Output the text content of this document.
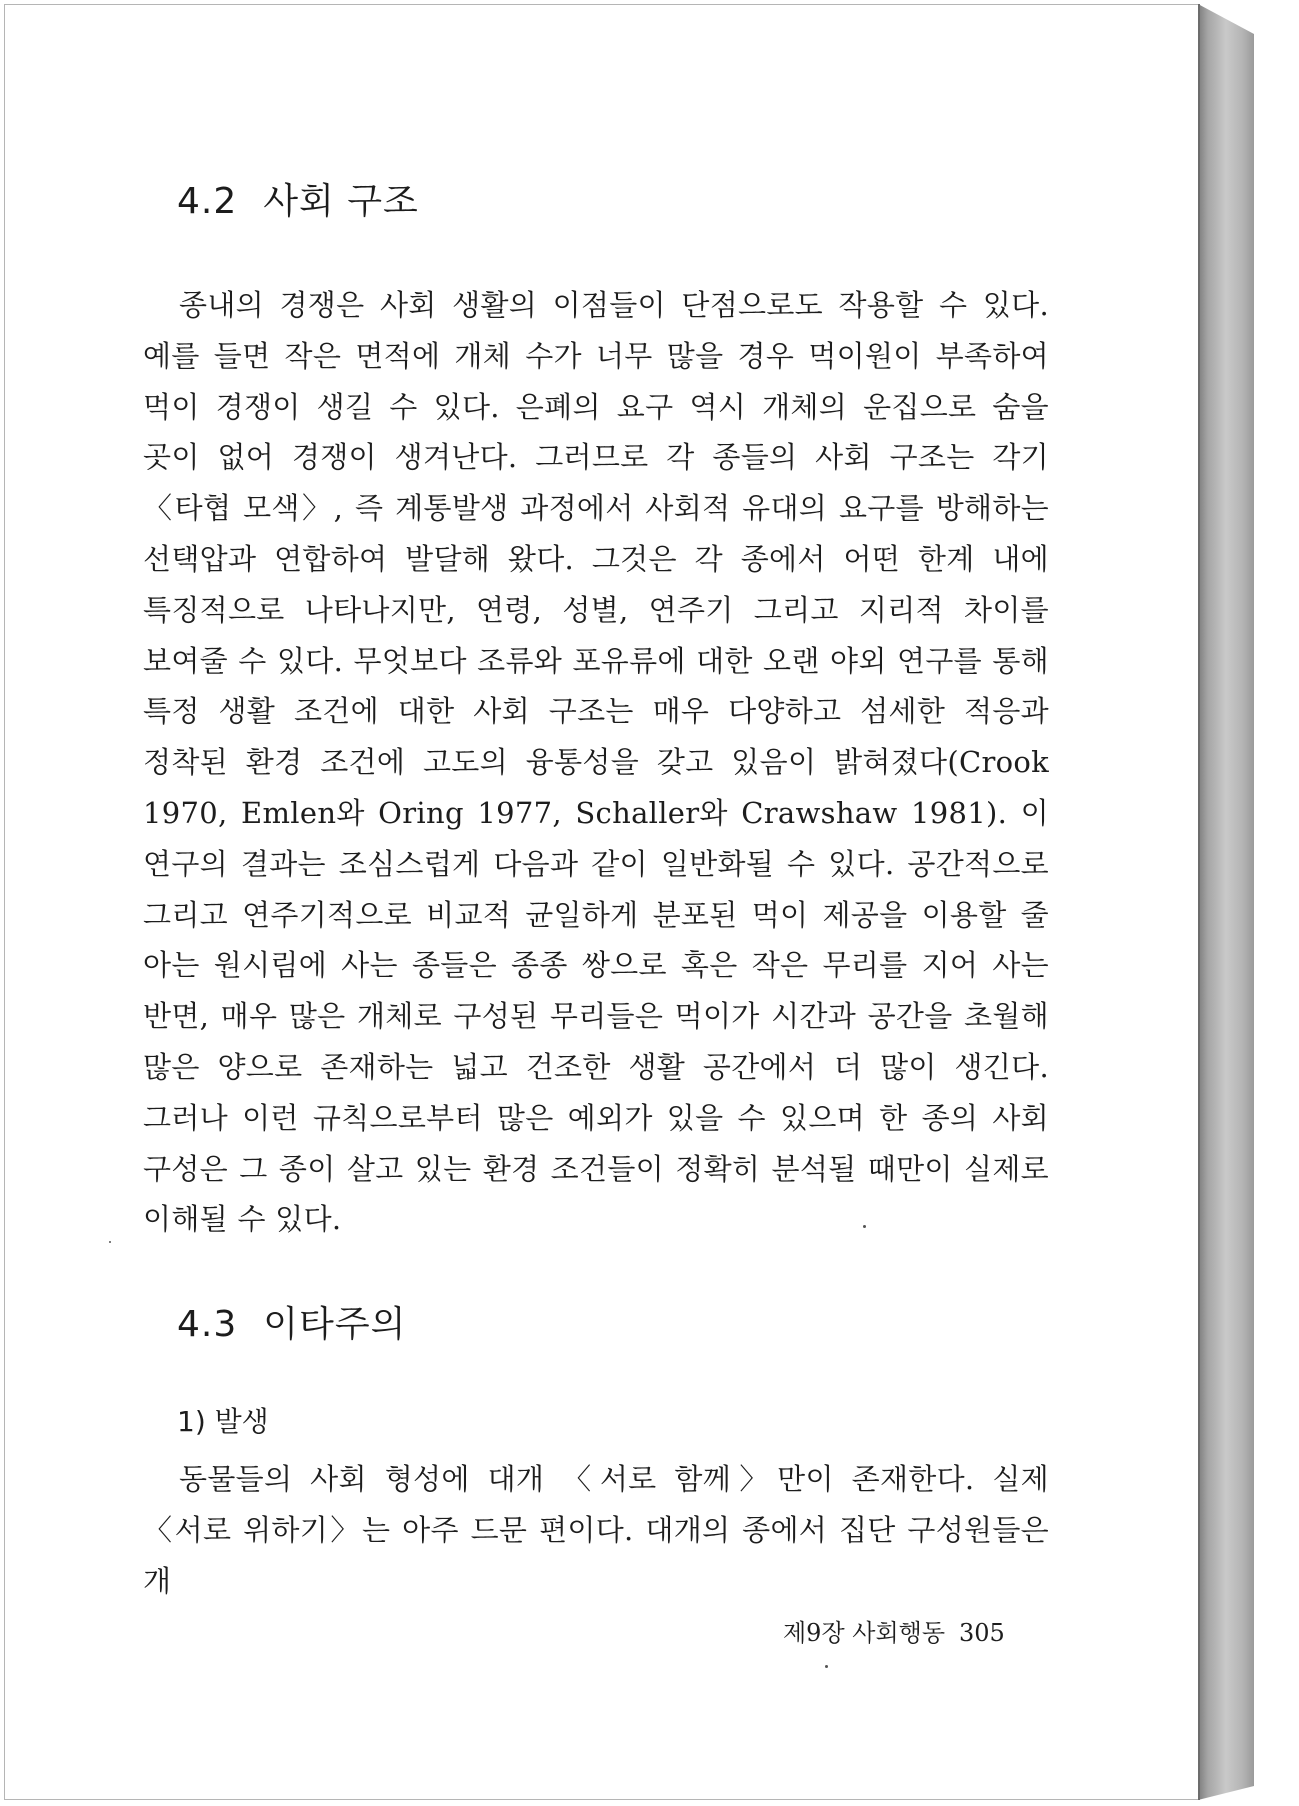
4.2 사회 구조
종내의 경쟁은 사회 생활의 이점들이 단점으로도 작용할 수 있다. 예를 들면 작은 면적에 개체 수가 너무 많을 경우 먹이원이 부족하여 먹이 경쟁이 생길 수 있다. 은폐의 요구 역시 개체의 운집으로 숨을 곳이 없어 경쟁이 생겨난다. 그러므로 각 종들의 사회 구조는 각기 〈타협 모색〉, 즉 계통발생 과정에서 사회적 유대의 요구를 방해하는 선택압과 연합하여 발달해 왔다. 그것은 각 종에서 어떤 한계 내에 특징적으로 나타나지만, 연령, 성별, 연주기 그리고 지리적 차이를 보여줄 수 있다. 무엇보다 조류와 포유류에 대한 오랜 야외 연구를 통해 특정 생활 조건에 대한 사회 구조는 매우 다양하고 섬세한 적응과 정착된 환경 조건에 고도의 융통성을 갖고 있음이 밝혀졌다(Crook 1970, Emlen와 Oring 1977, Schaller와 Crawshaw 1981). 이 연구의 결과는 조심스럽게 다음과 같이 일반화될 수 있다. 공간적으로 그리고 연주기적으로 비교적 균일하게 분포된 먹이 제공을 이용할 줄 아는 원시림에 사는 종들은 종종 쌍으로 혹은 작은 무리를 지어 사는 반면, 매우 많은 개체로 구성된 무리들은 먹이가 시간과 공간을 초월해 많은 양으로 존재하는 넓고 건조한 생활 공간에서 더 많이 생긴다. 그러나 이런 규칙으로부터 많은 예외가 있을 수 있으며 한 종의 사회 구성은 그 종이 살고 있는 환경 조건들이 정확히 분석될 때만이 실제로 이해될 수 있다.
4.3 이타주의
1) 발생
동물들의 사회 형성에 대개 〈서로 함께〉만이 존재한다. 실제 〈서로 위하기〉는 아주 드문 편이다. 대개의 종에서 집단 구성원들은 개
제9장 사회행동 305
